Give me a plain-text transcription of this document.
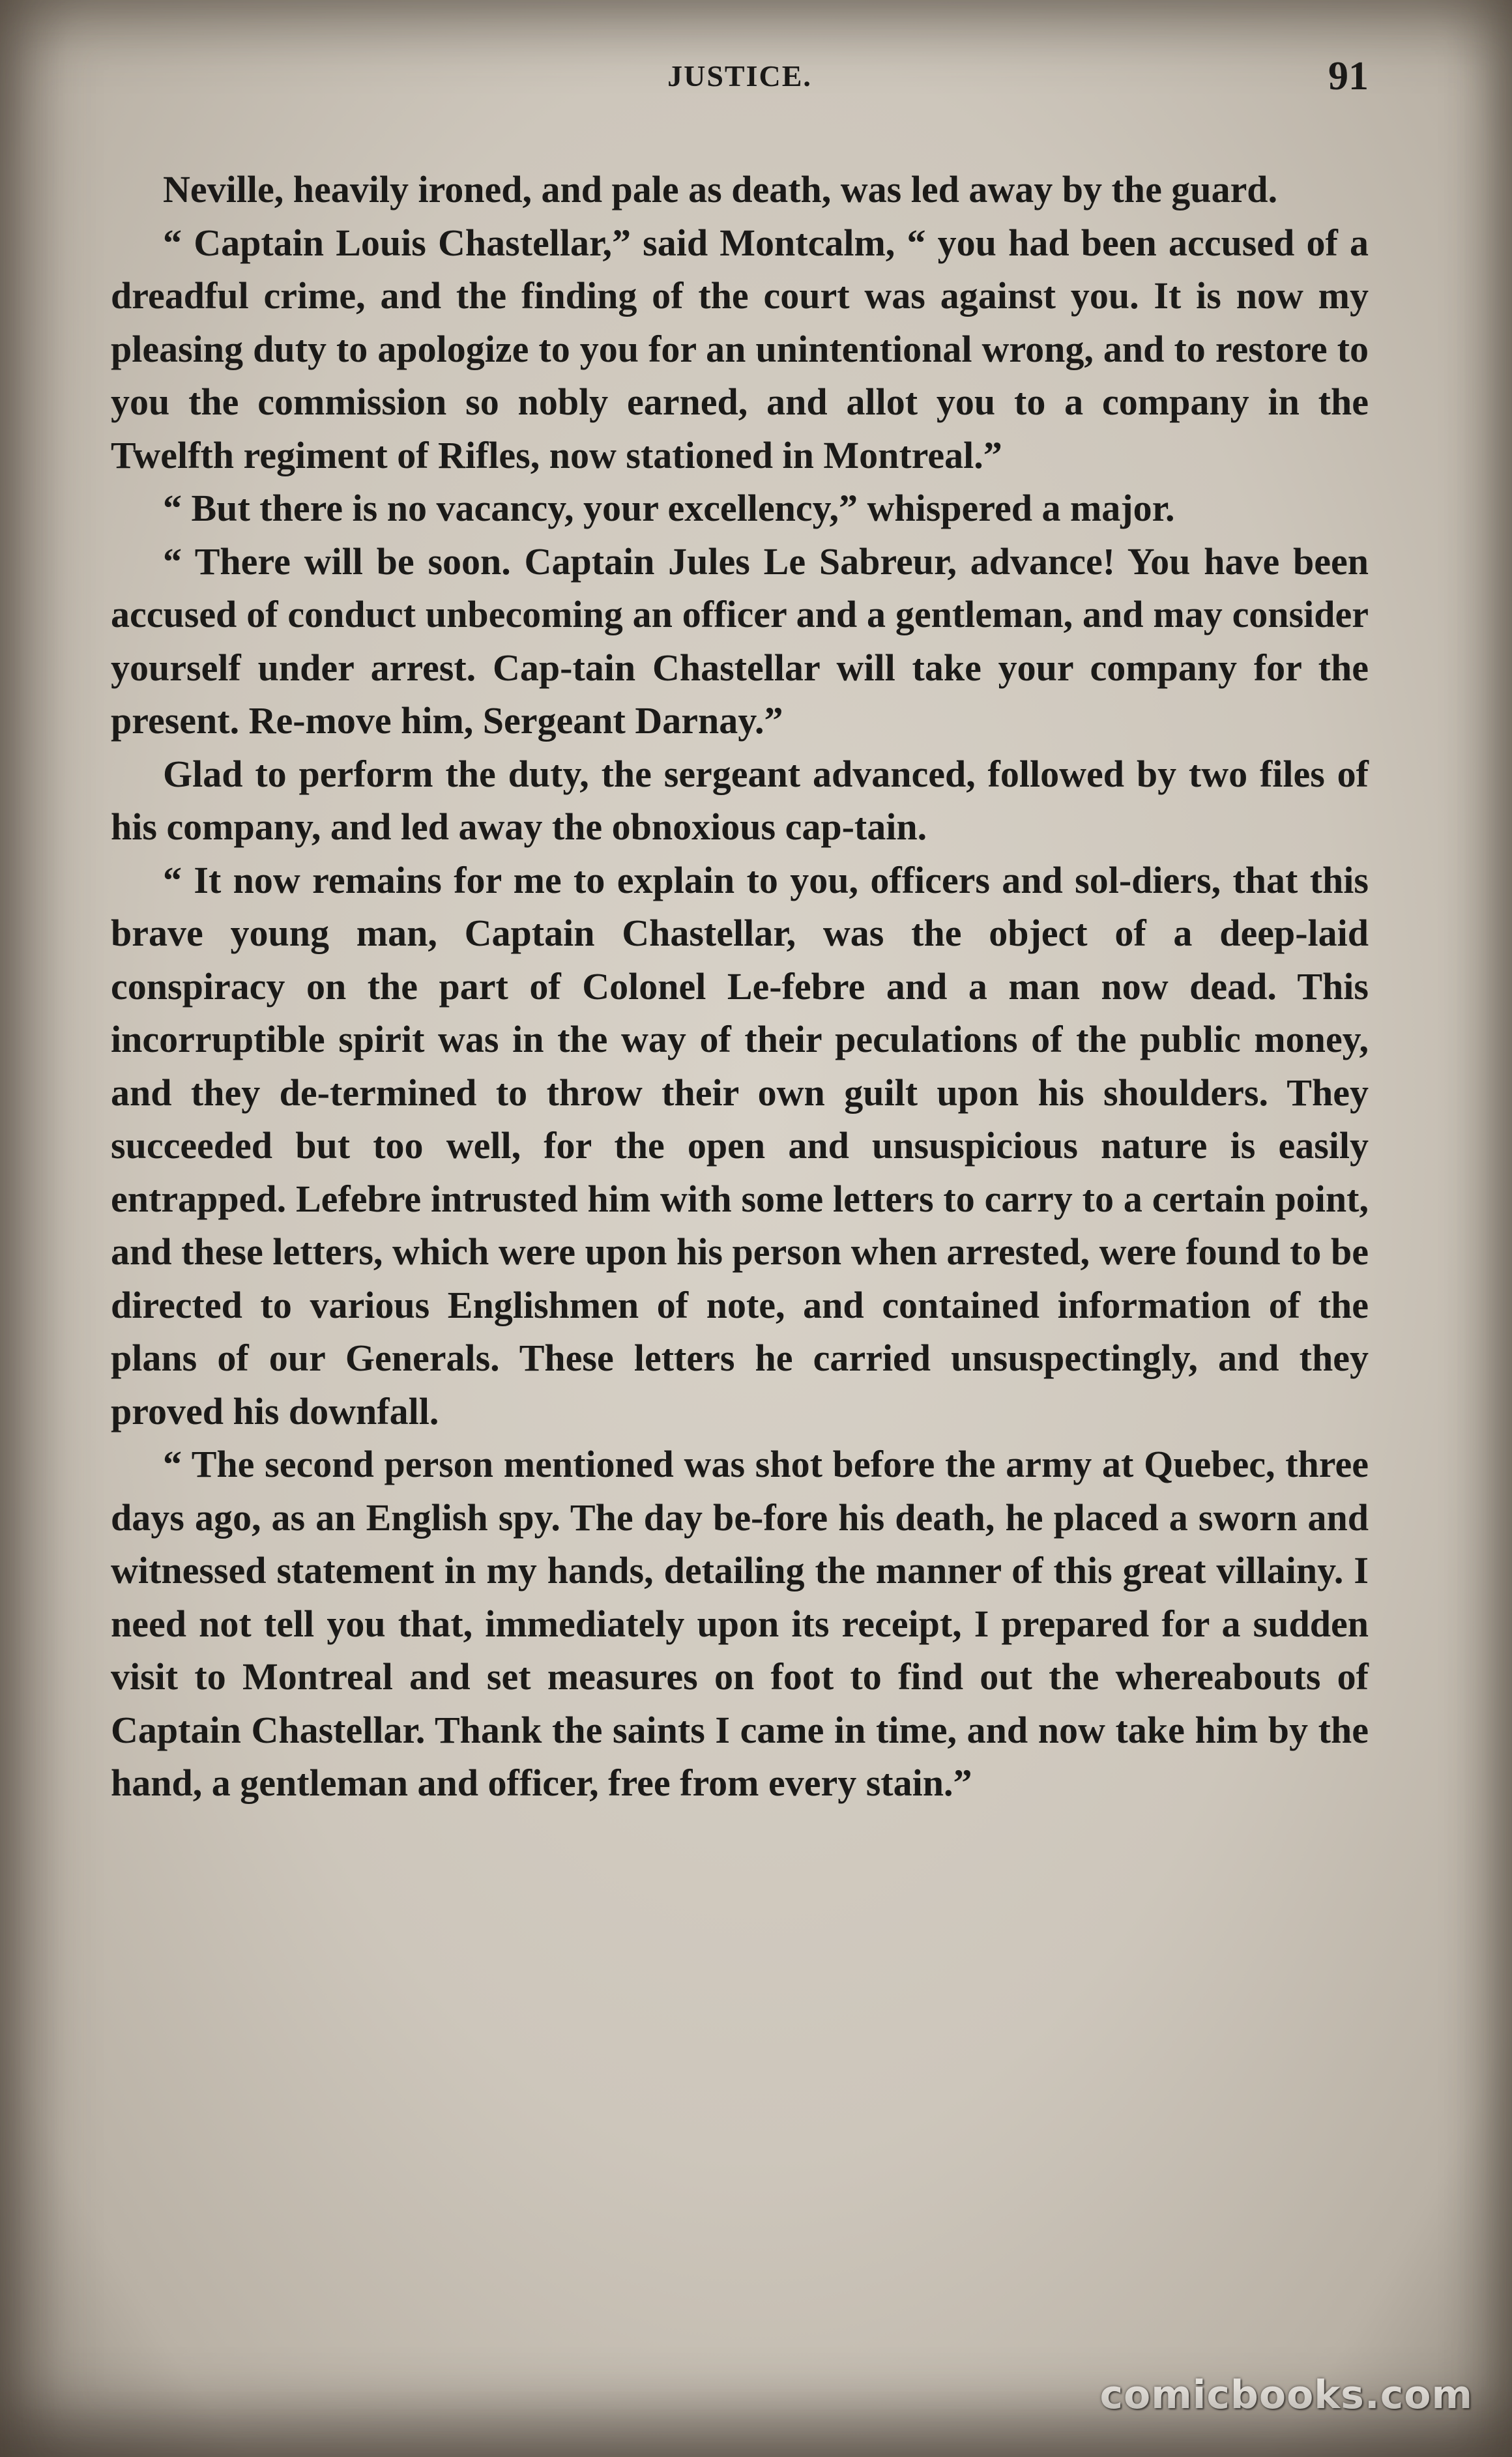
JUSTICE.	91

Neville, heavily ironed, and pale as death, was led away by the guard.

“ Captain Louis Chastellar,” said Montcalm, “ you had been accused of a dreadful crime, and the finding of the court was against you. It is now my pleasing duty to apologize to you for an unintentional wrong, and to restore to you the commission so nobly earned, and allot you to a company in the Twelfth regiment of Rifles, now stationed in Montreal.”

“ But there is no vacancy, your excellency,” whispered a major.

“ There will be soon. Captain Jules Le Sabreur, advance! You have been accused of conduct unbecoming an officer and a gentleman, and may consider yourself under arrest. Cap-tain Chastellar will take your company for the present. Re-move him, Sergeant Darnay.”

Glad to perform the duty, the sergeant advanced, followed by two files of his company, and led away the obnoxious cap-tain.

“ It now remains for me to explain to you, officers and sol-diers, that this brave young man, Captain Chastellar, was the object of a deep-laid conspiracy on the part of Colonel Le-febre and a man now dead. This incorruptible spirit was in the way of their peculations of the public money, and they de-termined to throw their own guilt upon his shoulders. They succeeded but too well, for the open and unsuspicious nature is easily entrapped. Lefebre intrusted him with some letters to carry to a certain point, and these letters, which were upon his person when arrested, were found to be directed to various Englishmen of note, and contained information of the plans of our Generals. These letters he carried unsuspectingly, and they proved his downfall.

“ The second person mentioned was shot before the army at Quebec, three days ago, as an English spy. The day be-fore his death, he placed a sworn and witnessed statement in my hands, detailing the manner of this great villainy. I need not tell you that, immediately upon its receipt, I prepared for a sudden visit to Montreal and set measures on foot to find out the whereabouts of Captain Chastellar. Thank the saints I came in time, and now take him by the hand, a gentleman and officer, free from every stain.”

comicbooks.com
